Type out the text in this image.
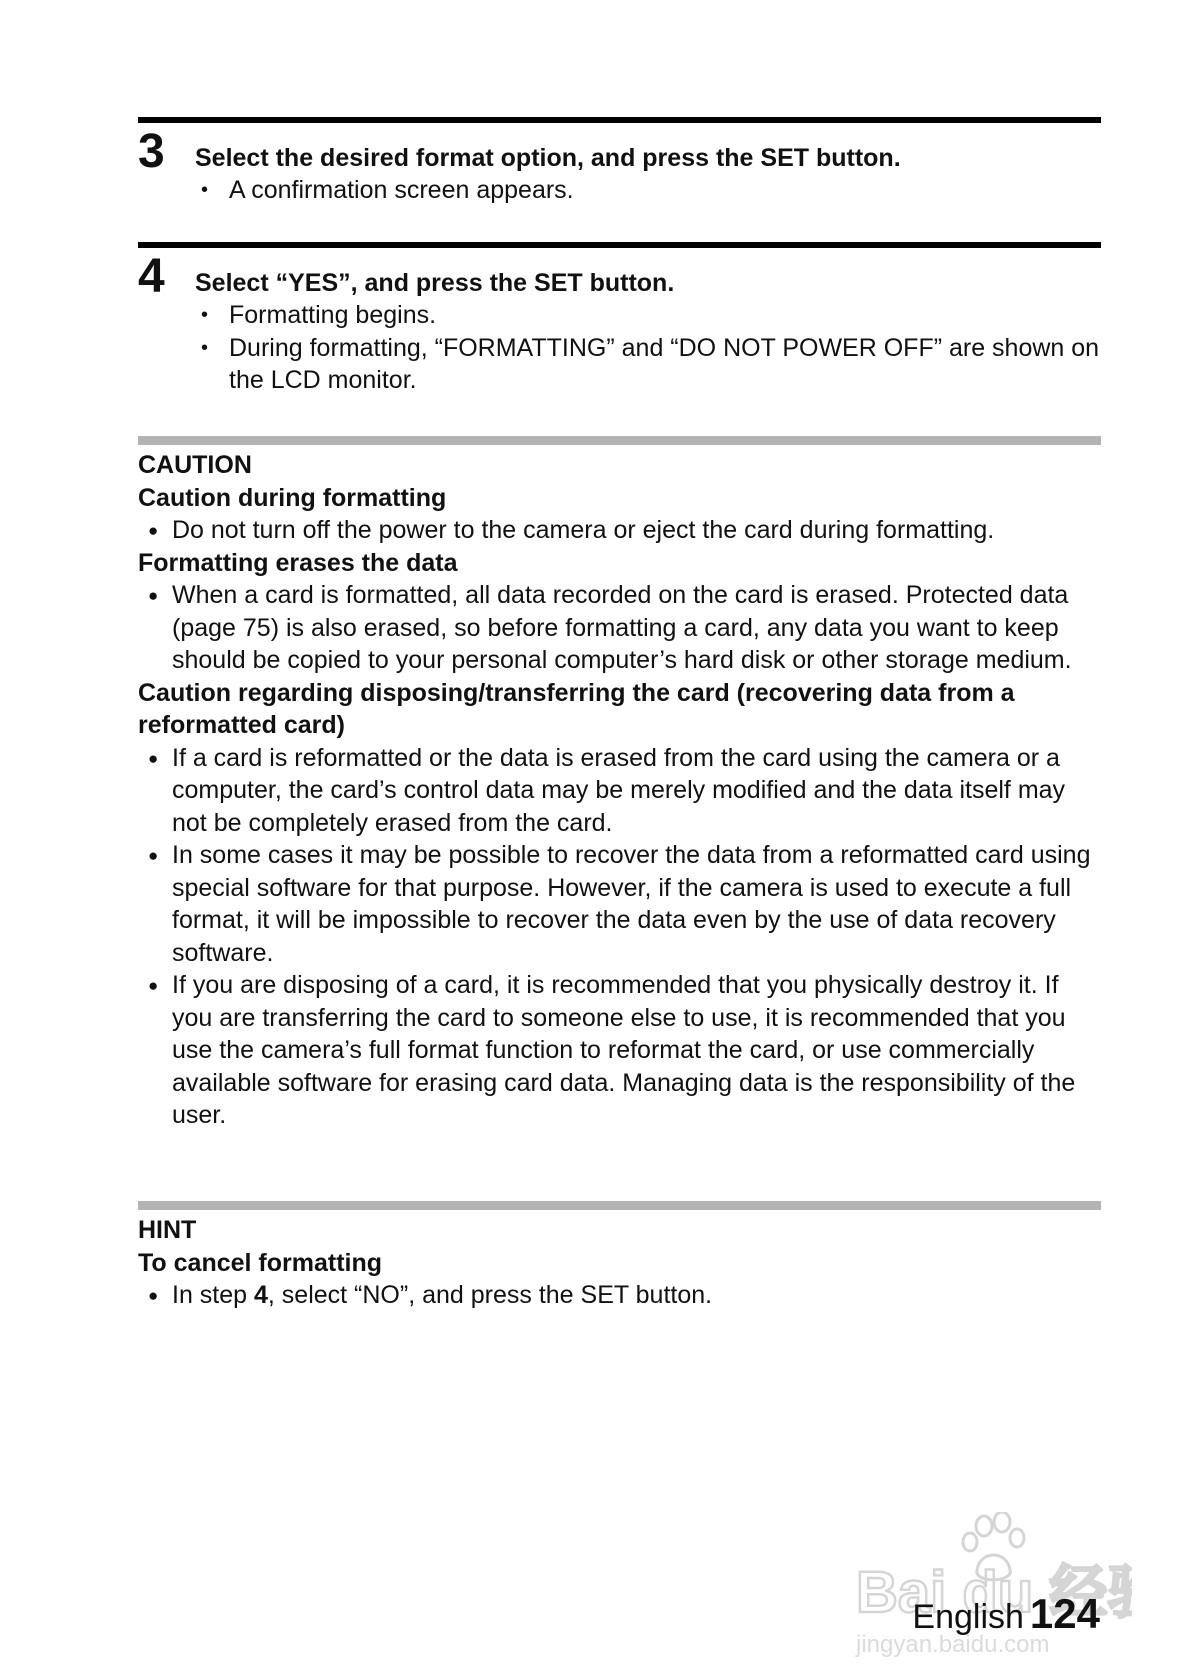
3 Select the desired format option, and press the SET button.
• A confirmation screen appears.
4 Select “YES”, and press the SET button.
• Formatting begins.
• During formatting, “FORMATTING” and “DO NOT POWER OFF” are shown on the LCD monitor.
CAUTION
Caution during formatting
● Do not turn off the power to the camera or eject the card during formatting.
Formatting erases the data
● When a card is formatted, all data recorded on the card is erased. Protected data (page 75) is also erased, so before formatting a card, any data you want to keep should be copied to your personal computer’s hard disk or other storage medium.
Caution regarding disposing/transferring the card (recovering data from a reformatted card)
● If a card is reformatted or the data is erased from the card using the camera or a computer, the card’s control data may be merely modified and the data itself may not be completely erased from the card.
● In some cases it may be possible to recover the data from a reformatted card using special software for that purpose. However, if the camera is used to execute a full format, it will be impossible to recover the data even by the use of data recovery software.
● If you are disposing of a card, it is recommended that you physically destroy it. If you are transferring the card to someone else to use, it is recommended that you use the camera’s full format function to reformat the card, or use commercially available software for erasing card data. Managing data is the responsibility of the user.
HINT
To cancel formatting
● In step 4, select “NO”, and press the SET button.
Bai du 经
jingyan.baidu.com
English 124
